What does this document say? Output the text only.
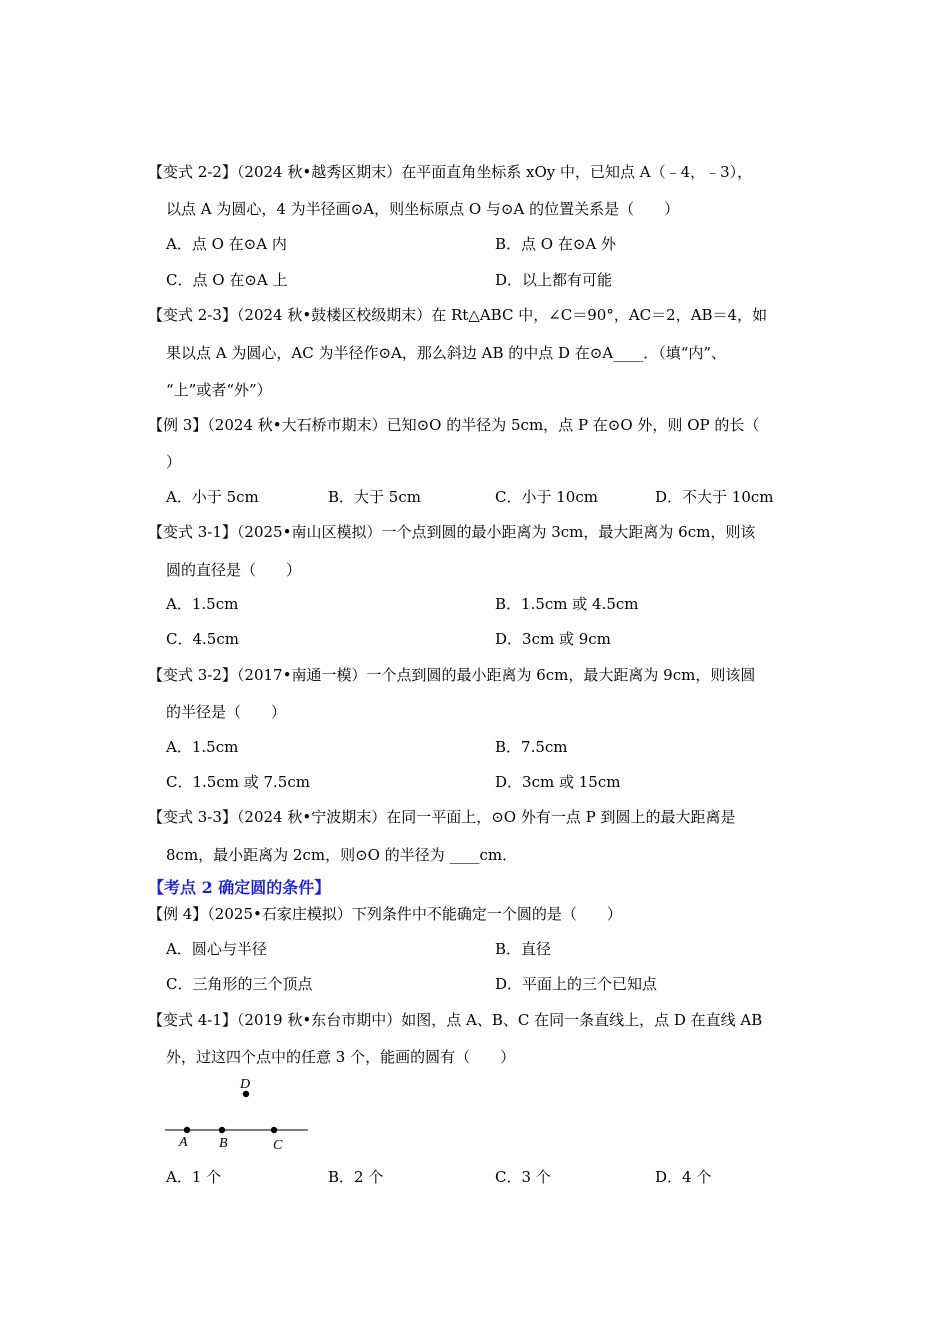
【变式 2-2】（2024 秋•越秀区期末）在平面直角坐标系 xOy 中，已知点 A（﹣4，﹣3），
以点 A 为圆心，4 为半径画⊙A，则坐标原点 O 与⊙A 的位置关系是（　　）
A．点 O 在⊙A 内	B．点 O 在⊙A 外
C．点 O 在⊙A 上	D．以上都有可能
【变式 2-3】（2024 秋•鼓楼区校级期末）在 Rt△ABC 中，∠C＝90°，AC＝2，AB＝4，如
果以点 A 为圆心，AC 为半径作⊙A，那么斜边 AB 的中点 D 在⊙A____．（填“内”、
“上”或者“外”）
【例 3】（2024 秋•大石桥市期末）已知⊙O 的半径为 5cm，点 P 在⊙O 外，则 OP 的长（
）
A．小于 5cm	B．大于 5cm	C．小于 10cm	D．不大于 10cm
【变式 3-1】（2025•南山区模拟）一个点到圆的最小距离为 3cm，最大距离为 6cm，则该
圆的直径是（　　）
A．1.5cm	B．1.5cm 或 4.5cm
C．4.5cm	D．3cm 或 9cm
【变式 3-2】（2017•南通一模）一个点到圆的最小距离为 6cm，最大距离为 9cm，则该圆
的半径是（　　）
A．1.5cm	B．7.5cm
C．1.5cm 或 7.5cm	D．3cm 或 15cm
【变式 3-3】（2024 秋•宁波期末）在同一平面上，⊙O 外有一点 P 到圆上的最大距离是
8cm，最小距离为 2cm，则⊙O 的半径为 ____cm．
【考点 2 确定圆的条件】
【例 4】（2025•石家庄模拟）下列条件中不能确定一个圆的是（　　）
A．圆心与半径	B．直径
C．三角形的三个顶点	D．平面上的三个已知点
【变式 4-1】（2019 秋•东台市期中）如图，点 A、B、C 在同一条直线上，点 D 在直线 AB
外，过这四个点中的任意 3 个，能画的圆有（　　）
A B	C
D
A．1 个	B．2 个	C．3 个	D．4 个
